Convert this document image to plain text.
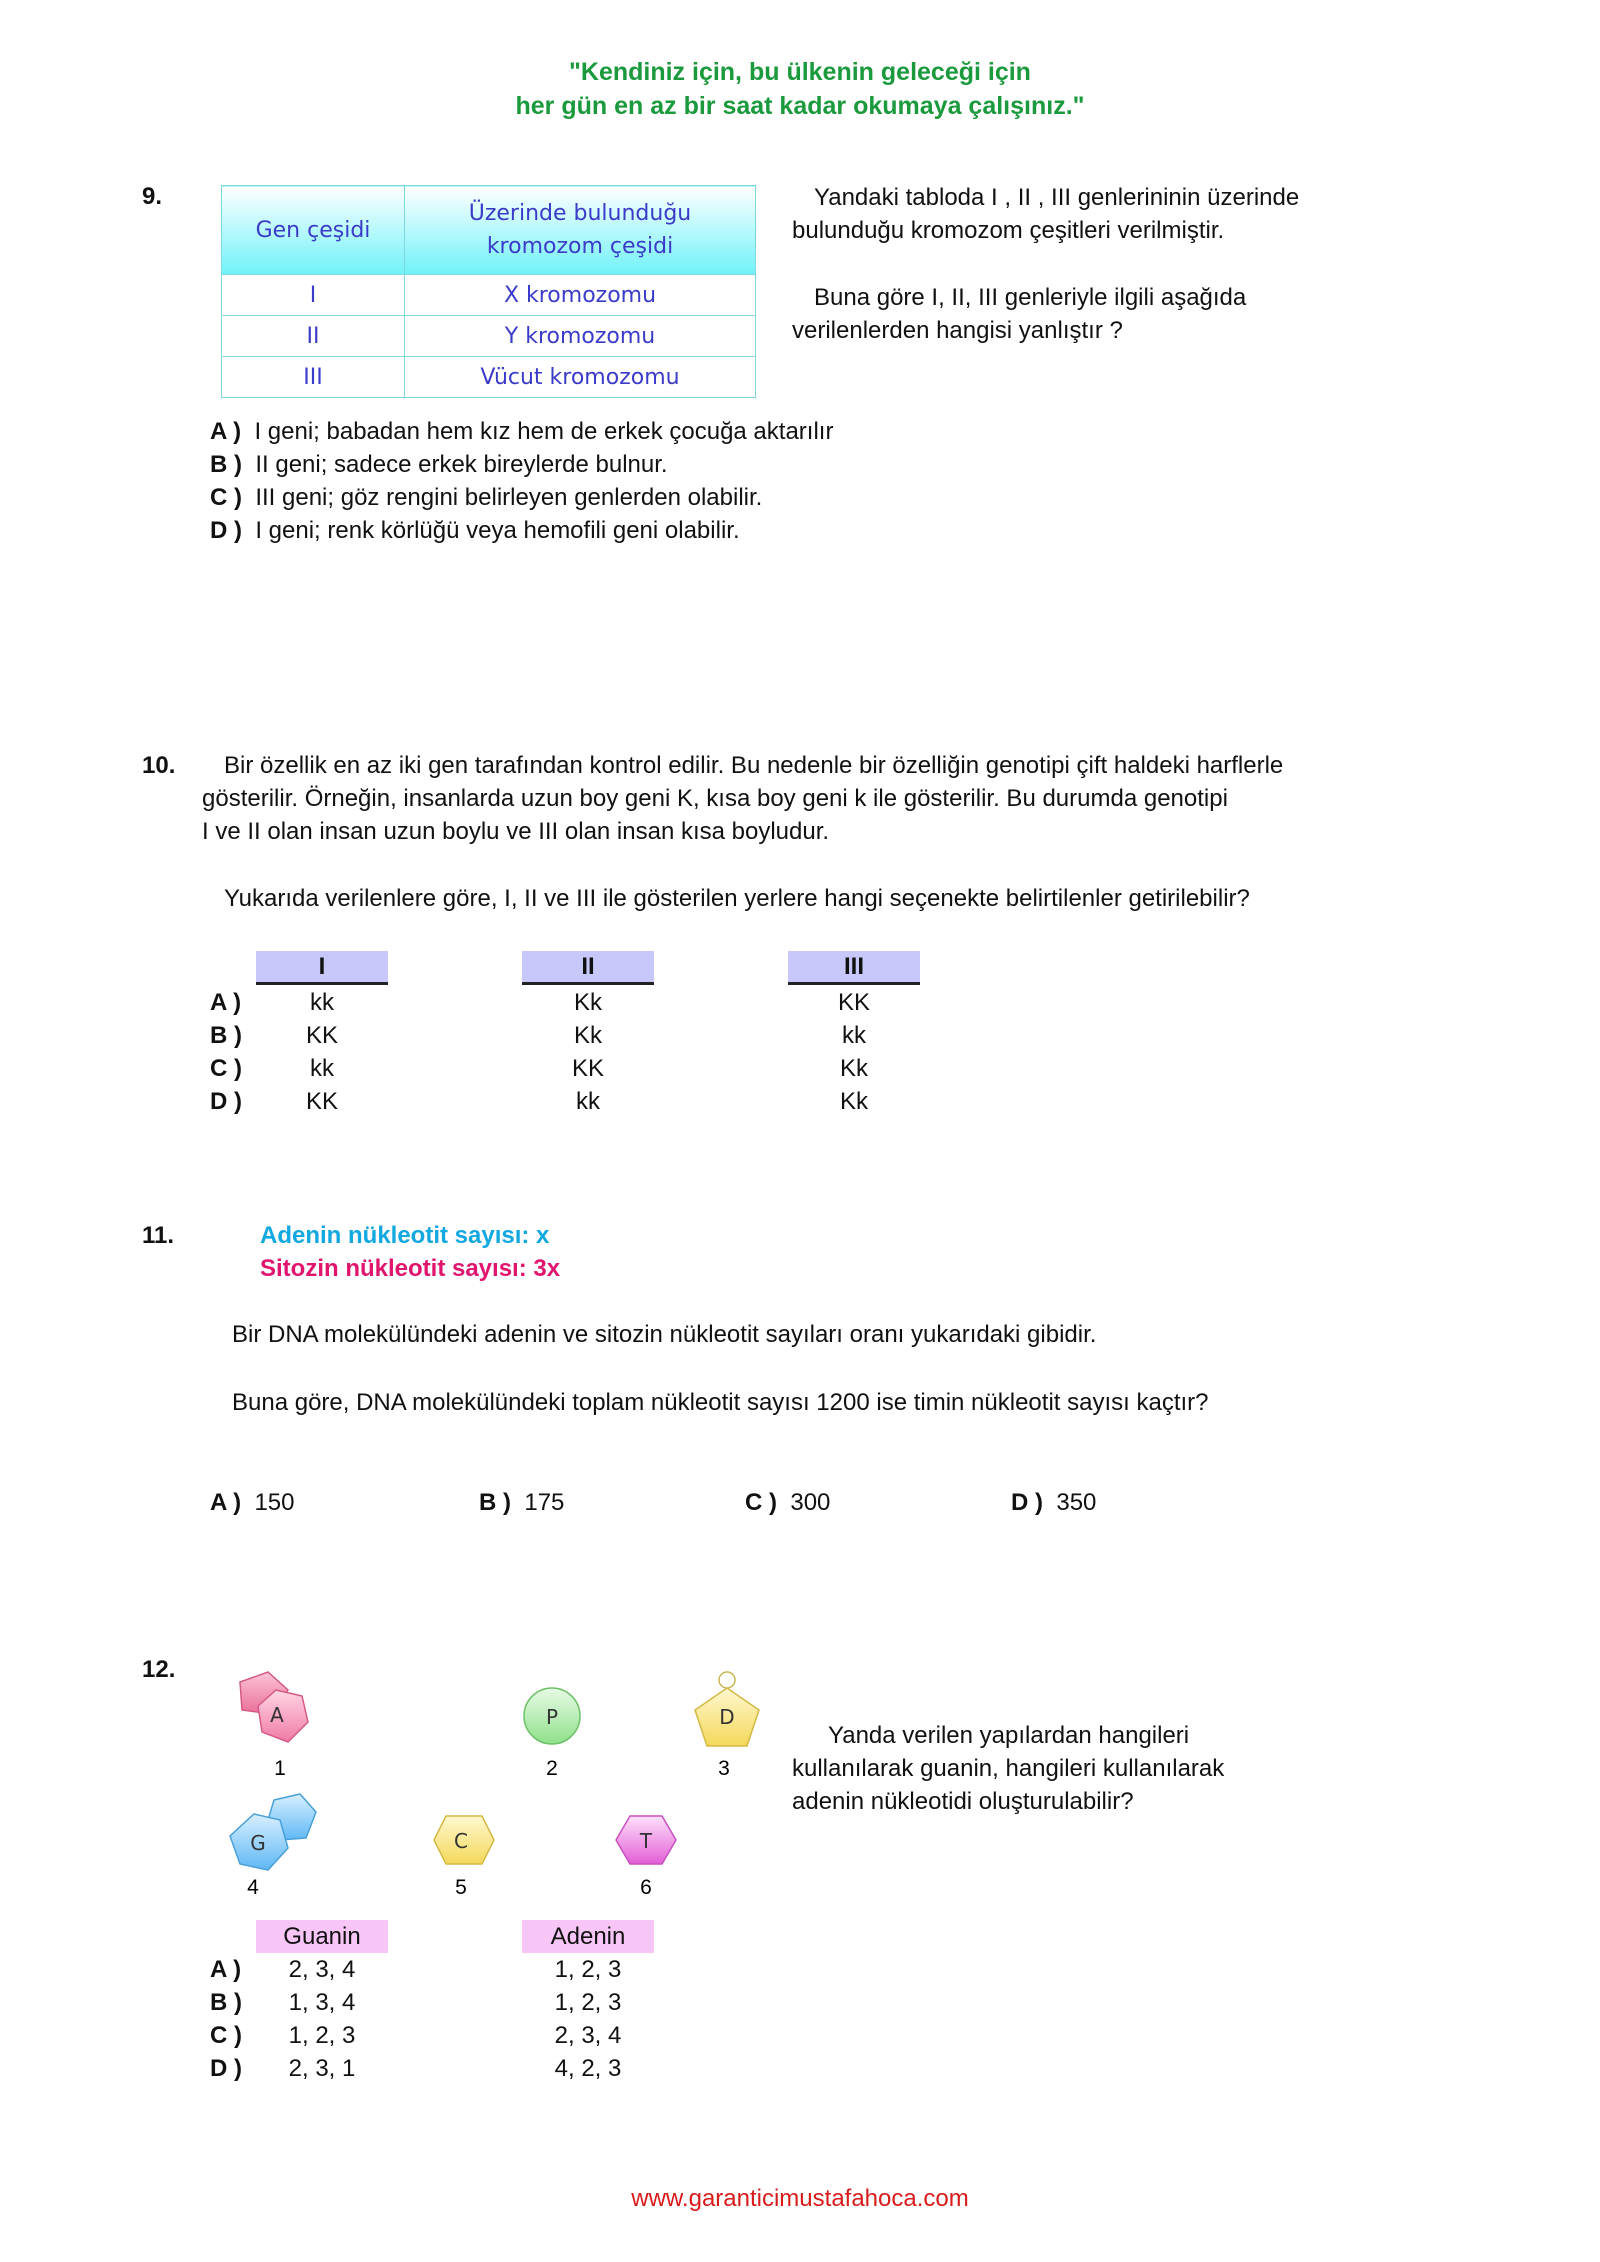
"Kendiniz için, bu ülkenin geleceği için
her gün en az bir saat kadar okumaya çalışınız."
9.
Gen çeşidi	Üzerinde bulunduğu
kromozom çeşidi
I	X kromozomu
II	Y kromozomu
III	Vücut kromozomu
Yandaki tabloda I , II , III genlerininin üzerinde
bulunduğu kromozom çeşitleri verilmiştir.
Buna göre I, II, III genleriyle ilgili aşağıda
verilenlerden hangisi yanlıştır ?
A ) I geni; babadan hem kız hem de erkek çocuğa aktarılır
B ) II geni; sadece erkek bireylerde bulnur.
C ) III geni; göz rengini belirleyen genlerden olabilir.
D ) I geni; renk körlüğü veya hemofili geni olabilir.
10.	Bir özellik en az iki gen tarafından kontrol edilir. Bu nedenle bir özelliğin genotipi çift haldeki harflerle
gösterilir. Örneğin, insanlarda uzun boy geni K, kısa boy geni k ile gösterilir. Bu durumda genotipi
I ve II olan insan uzun boylu ve III olan insan kısa boyludur.
Yukarıda verilenlere göre, I, II ve III ile gösterilen yerlere hangi seçenekte belirtilenler getirilebilir?
I	II	III
A )	kk	Kk	KK
B )	KK	Kk	kk
C )	kk	KK	Kk
D )	KK	kk	Kk
11.	Adenin nükleotit sayısı: x
Sitozin nükleotit sayısı: 3x
Bir DNA molekülündeki adenin ve sitozin nükleotit sayıları oranı yukarıdaki gibidir.
Buna göre, DNA molekülündeki toplam nükleotit sayısı 1200 ise timin nükleotit sayısı kaçtır?
A ) 150	B ) 175	C ) 300	D ) 350
12.
A
1
P
2
D
3
G
4
C
5
T
6
Yanda verilen yapılardan hangileri
kullanılarak guanin, hangileri kullanılarak
adenin nükleotidi oluşturulabilir?
Guanin	Adenin
A )	2, 3, 4	1, 2, 3
B )	1, 3, 4	1, 2, 3
C )	1, 2, 3	2, 3, 4
D )	2, 3, 1	4, 2, 3
www.garanticimustafahoca.com
